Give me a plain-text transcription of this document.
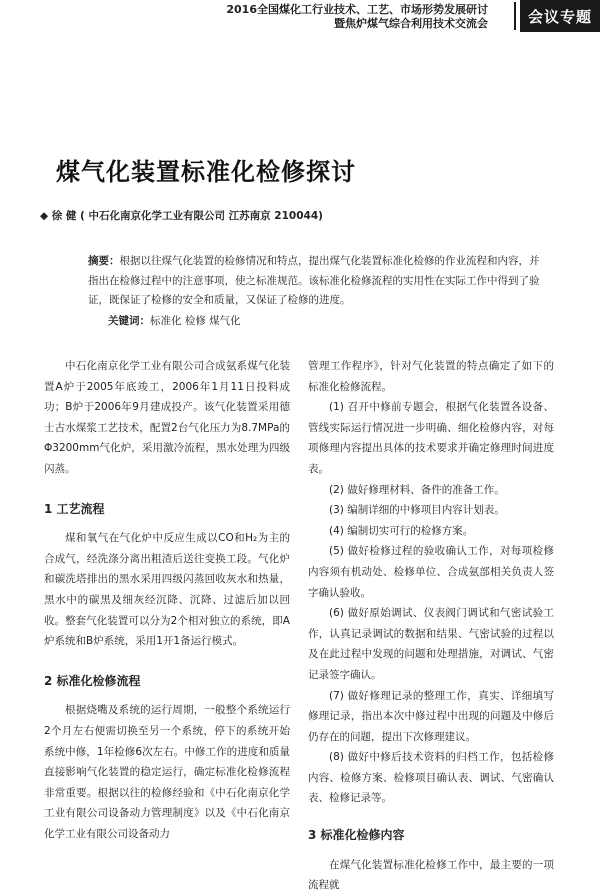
2016全国煤化工行业技术、工艺、市场形势发展研讨
暨焦炉煤气综合利用技术交流会	会议专题
煤气化装置标准化检修探讨
◆ 徐 健 ( 中石化南京化学工业有限公司 江苏南京 210044)
摘要：根据以往煤气化装置的检修情况和特点，提出煤气化装置标准化检修的作业流程和内容，并指出在检修过程中的注意事项，使之标准规范。该标准化检修流程的实用性在实际工作中得到了验证，既保证了检修的安全和质量，又保证了检修的进度。
关键词：标准化 检修 煤气化

中石化南京化学工业有限公司合成氨系煤气化装置A炉于2005年底竣工，2006年1月11日投料成功；B炉于2006年9月建成投产。该气化装置采用德士古水煤浆工艺技术，配置2台气化压力为8.7MPa的Φ3200mm气化炉，采用激冷流程，黑水处理为四级闪蒸。

1 工艺流程

煤和氧气在气化炉中反应生成以CO和H₂为主的合成气，经洗涤分离出粗渣后送往变换工段。气化炉和碳洗塔排出的黑水采用四级闪蒸回收灰水和热量，黑水中的碳黑及细灰经沉降、沉降、过滤后加以回收。整套气化装置可以分为2个相对独立的系统，即A炉系统和B炉系统，采用1开1备运行模式。

2 标准化检修流程

根据烧嘴及系统的运行周期，一般整个系统运行2个月左右便需切换至另一个系统，停下的系统开始系统中修，1年检修6次左右。中修工作的进度和质量直接影响气化装置的稳定运行，确定标准化检修流程非常重要。根据以往的检修经验和《中石化南京化学工业有限公司设备动力管理制度》以及《中石化南京化学工业有限公司设备动力

管理工作程序》，针对气化装置的特点确定了如下的标准化检修流程。

(1) 召开中修前专题会，根据气化装置各设备、管线实际运行情况进一步明确、细化检修内容，对每项修理内容提出具体的技术要求并确定修理时间进度表。

(2) 做好修理材料、备件的准备工作。

(3) 编制详细的中修项目内容计划表。

(4) 编制切实可行的检修方案。

(5) 做好检修过程的验收确认工作，对每项检修内容须有机动处、检修单位、合成氨部相关负责人签字确认验收。

(6) 做好原始调试、仪表阀门调试和气密试验工作，认真记录调试的数据和结果、气密试验的过程以及在此过程中发现的问题和处理措施，对调试、气密记录签字确认。

(7) 做好修理记录的整理工作，真实、详细填写修理记录，指出本次中修过程中出现的问题及中修后仍存在的问题，提出下次修理建议。

(8) 做好中修后技术资料的归档工作，包括检修内容、检修方案、检修项目确认表、调试、气密确认表、检修记录等。

3 标准化检修内容

在煤气化装置标准化检修工作中，最主要的一项流程就
